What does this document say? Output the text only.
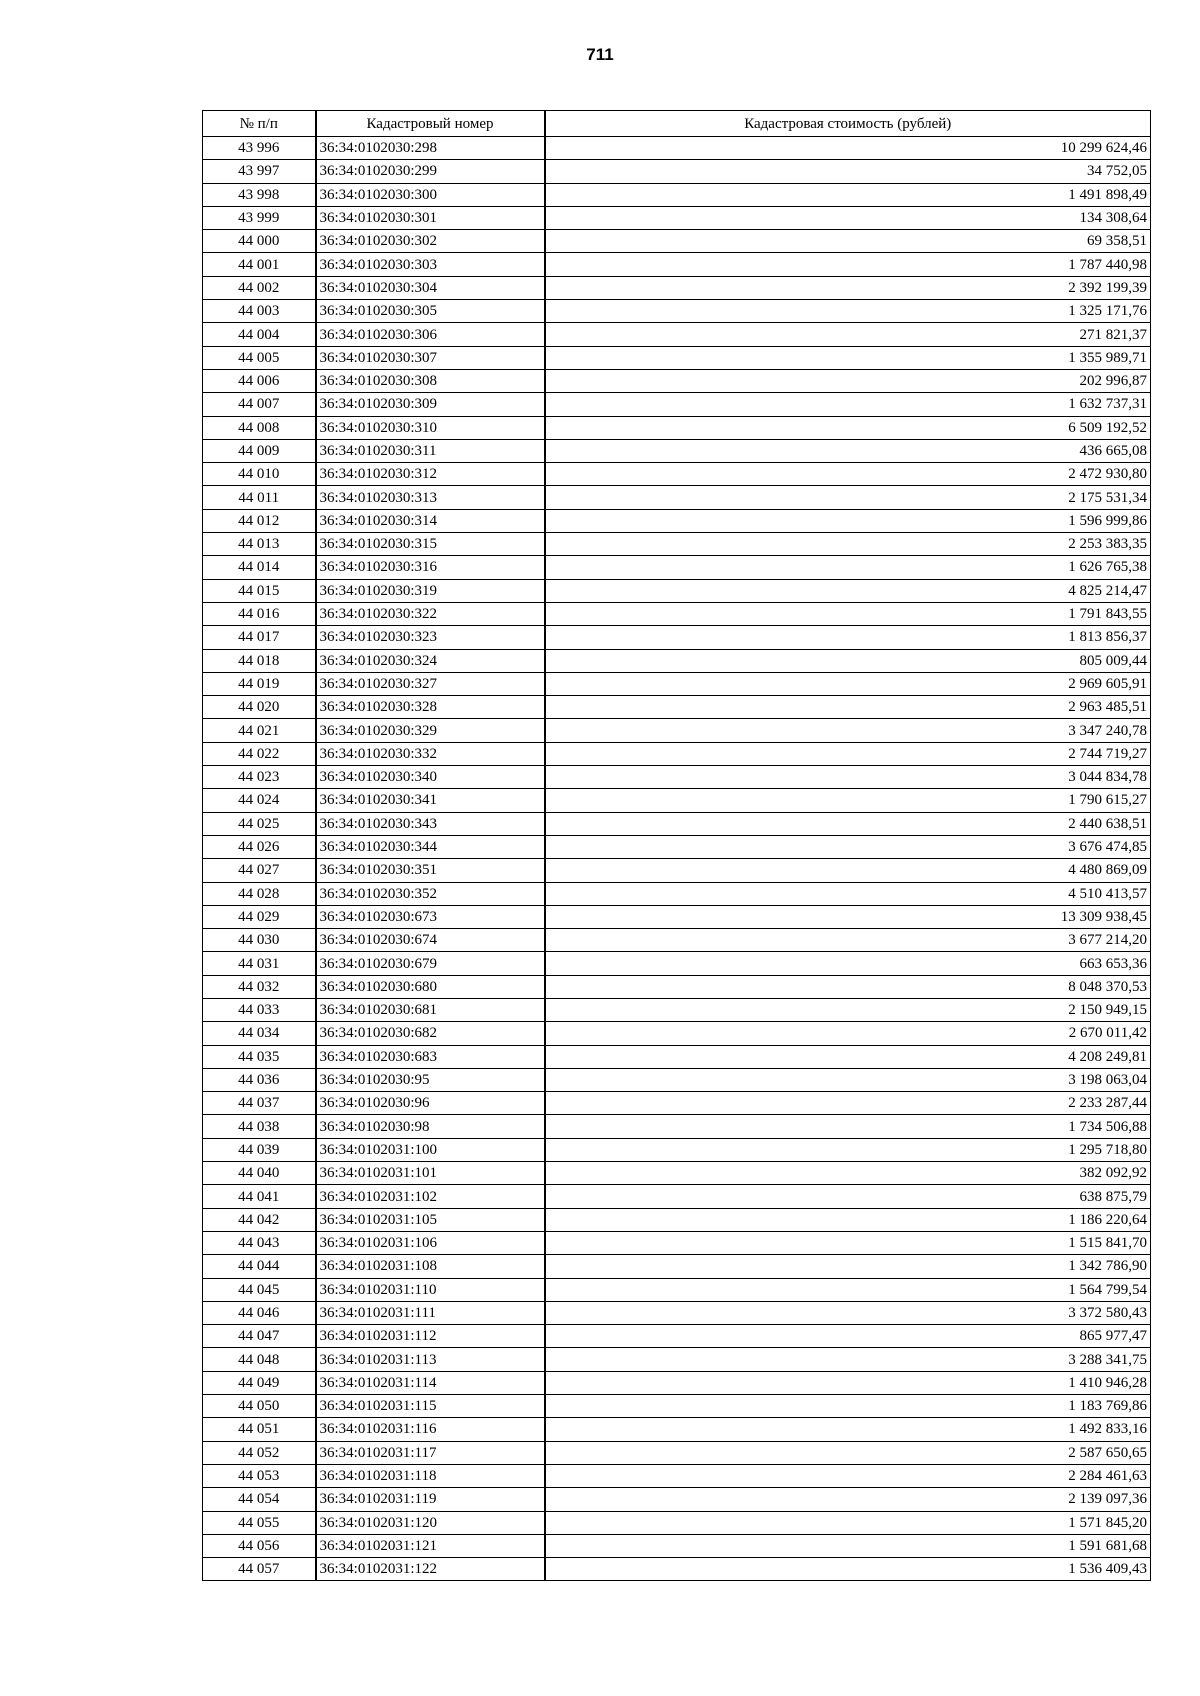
711
№ п/п	Кадастровый номер	Кадастровая стоимость (рублей)
43 996	36:34:0102030:298	10 299 624,46
43 997	36:34:0102030:299	34 752,05
43 998	36:34:0102030:300	1 491 898,49
43 999	36:34:0102030:301	134 308,64
44 000	36:34:0102030:302	69 358,51
44 001	36:34:0102030:303	1 787 440,98
44 002	36:34:0102030:304	2 392 199,39
44 003	36:34:0102030:305	1 325 171,76
44 004	36:34:0102030:306	271 821,37
44 005	36:34:0102030:307	1 355 989,71
44 006	36:34:0102030:308	202 996,87
44 007	36:34:0102030:309	1 632 737,31
44 008	36:34:0102030:310	6 509 192,52
44 009	36:34:0102030:311	436 665,08
44 010	36:34:0102030:312	2 472 930,80
44 011	36:34:0102030:313	2 175 531,34
44 012	36:34:0102030:314	1 596 999,86
44 013	36:34:0102030:315	2 253 383,35
44 014	36:34:0102030:316	1 626 765,38
44 015	36:34:0102030:319	4 825 214,47
44 016	36:34:0102030:322	1 791 843,55
44 017	36:34:0102030:323	1 813 856,37
44 018	36:34:0102030:324	805 009,44
44 019	36:34:0102030:327	2 969 605,91
44 020	36:34:0102030:328	2 963 485,51
44 021	36:34:0102030:329	3 347 240,78
44 022	36:34:0102030:332	2 744 719,27
44 023	36:34:0102030:340	3 044 834,78
44 024	36:34:0102030:341	1 790 615,27
44 025	36:34:0102030:343	2 440 638,51
44 026	36:34:0102030:344	3 676 474,85
44 027	36:34:0102030:351	4 480 869,09
44 028	36:34:0102030:352	4 510 413,57
44 029	36:34:0102030:673	13 309 938,45
44 030	36:34:0102030:674	3 677 214,20
44 031	36:34:0102030:679	663 653,36
44 032	36:34:0102030:680	8 048 370,53
44 033	36:34:0102030:681	2 150 949,15
44 034	36:34:0102030:682	2 670 011,42
44 035	36:34:0102030:683	4 208 249,81
44 036	36:34:0102030:95	3 198 063,04
44 037	36:34:0102030:96	2 233 287,44
44 038	36:34:0102030:98	1 734 506,88
44 039	36:34:0102031:100	1 295 718,80
44 040	36:34:0102031:101	382 092,92
44 041	36:34:0102031:102	638 875,79
44 042	36:34:0102031:105	1 186 220,64
44 043	36:34:0102031:106	1 515 841,70
44 044	36:34:0102031:108	1 342 786,90
44 045	36:34:0102031:110	1 564 799,54
44 046	36:34:0102031:111	3 372 580,43
44 047	36:34:0102031:112	865 977,47
44 048	36:34:0102031:113	3 288 341,75
44 049	36:34:0102031:114	1 410 946,28
44 050	36:34:0102031:115	1 183 769,86
44 051	36:34:0102031:116	1 492 833,16
44 052	36:34:0102031:117	2 587 650,65
44 053	36:34:0102031:118	2 284 461,63
44 054	36:34:0102031:119	2 139 097,36
44 055	36:34:0102031:120	1 571 845,20
44 056	36:34:0102031:121	1 591 681,68
44 057	36:34:0102031:122	1 536 409,43
